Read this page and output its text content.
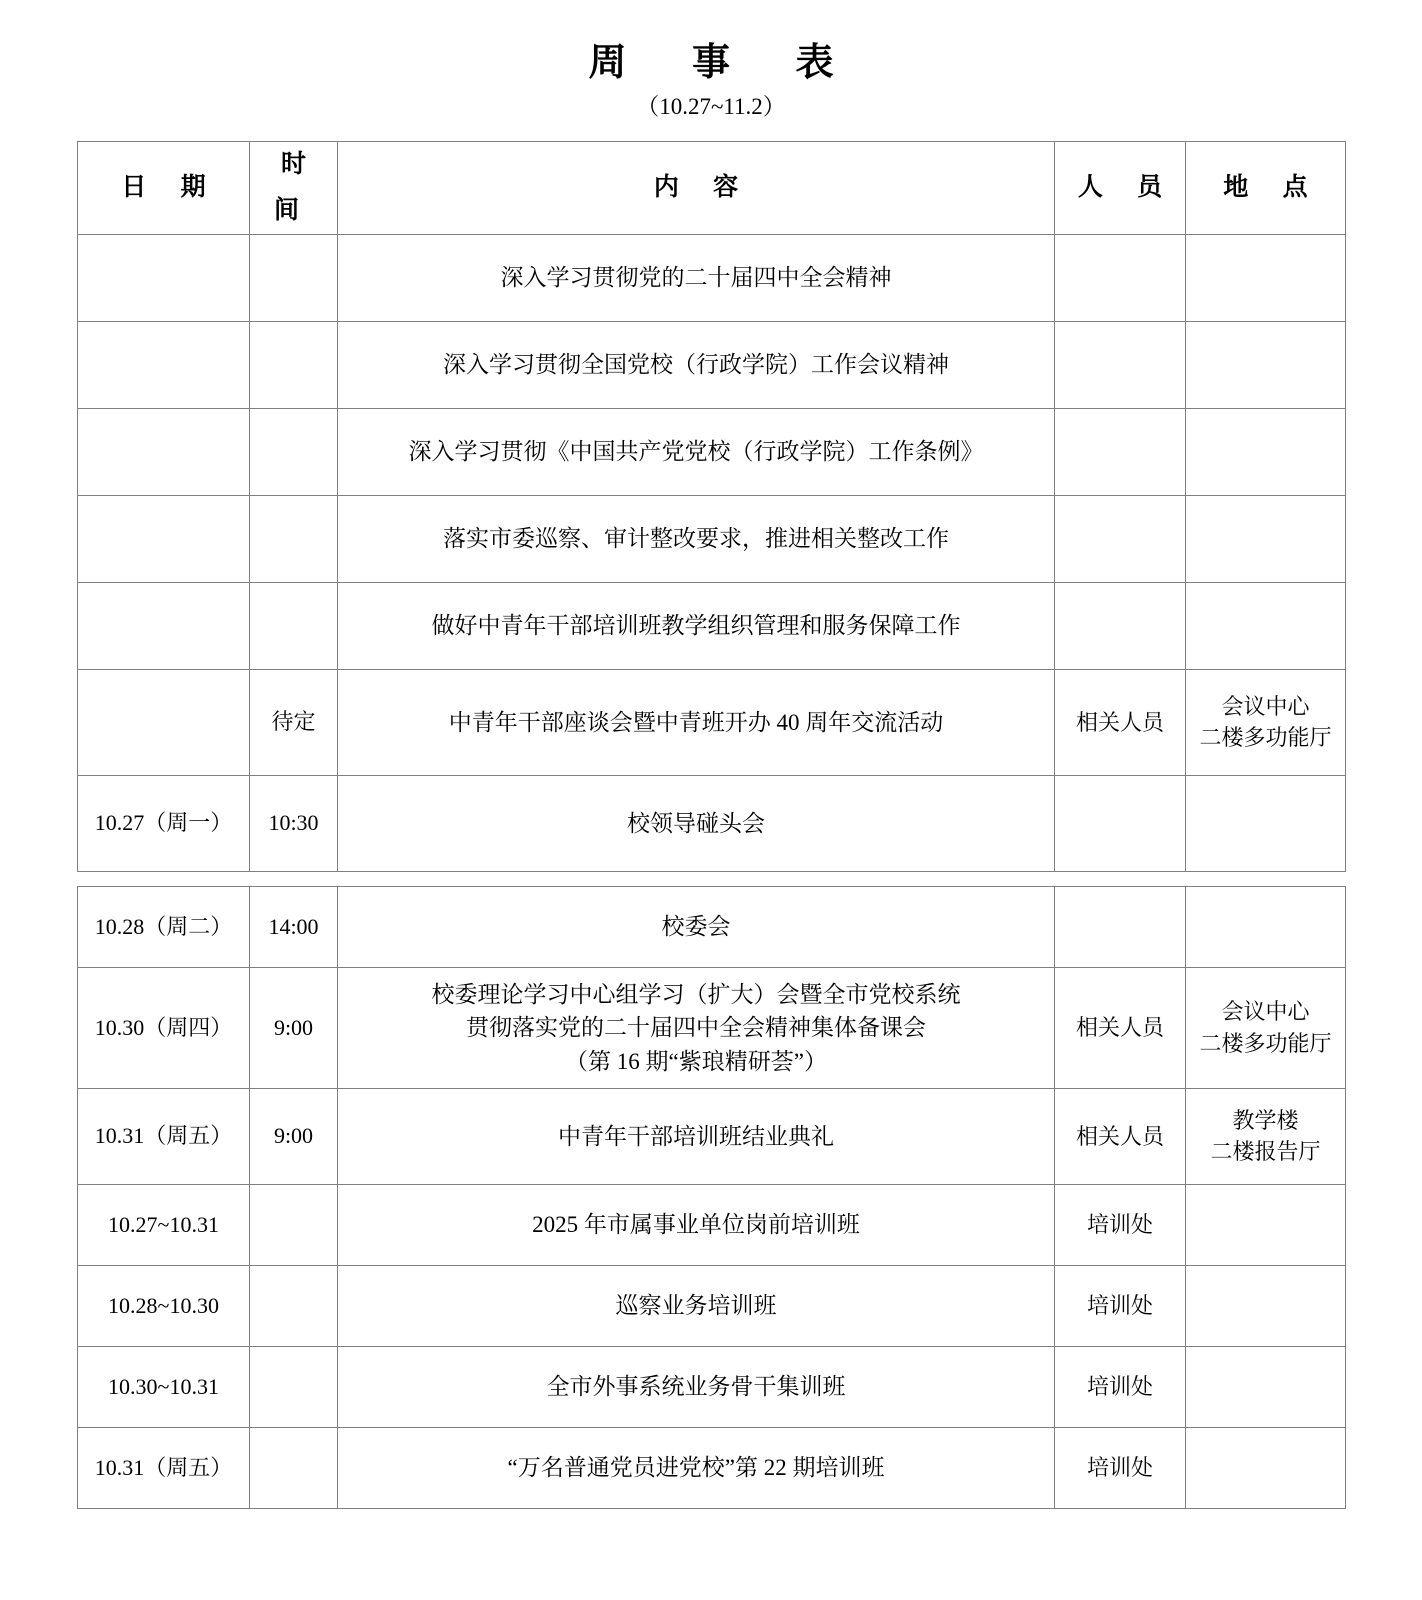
周 事 表

（10.27~11.2）

日 期	时 间	内 容	人 员	地 点
		深入学习贯彻党的二十届四中全会精神		
		深入学习贯彻全国党校（行政学院）工作会议精神		
		深入学习贯彻《中国共产党党校（行政学院）工作条例》		
		落实市委巡察、审计整改要求，推进相关整改工作		
		做好中青年干部培训班教学组织管理和服务保障工作		
	待定	中青年干部座谈会暨中青班开办 40 周年交流活动	相关人员	会议中心
二楼多功能厅

10.27（周一）	10:30	校领导碰头会		
10.28（周二）	14:00	校委会		
10.30（周四）	9:00	校委理论学习中心组学习（扩大）会暨全市党校系统
贯彻落实党的二十届四中全会精神集体备课会
（第 16 期“紫琅精研荟”）	相关人员	会议中心
二楼多功能厅

10.31（周五）	9:00	中青年干部培训班结业典礼	相关人员	教学楼
二楼报告厅

10.27~10.31		2025 年市属事业单位岗前培训班	培训处	
10.28~10.30		巡察业务培训班	培训处	
10.30~10.31		全市外事系统业务骨干集训班	培训处	
10.31（周五）		“万名普通党员进党校”第 22 期培训班	培训处	
